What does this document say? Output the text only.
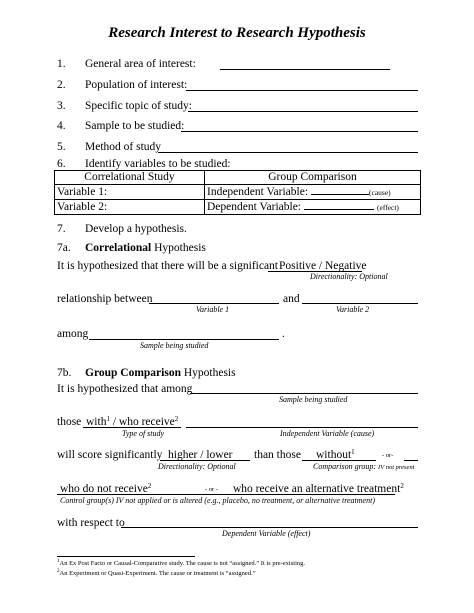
Research Interest to Research Hypothesis
1. General area of interest:
2. Population of interest:
3. Specific topic of study:
4. Sample to be studied:
5. Method of study
6. Identify variables to be studied:
Correlational Study	Group Comparison
Variable 1:	Independent Variable: (cause)
Variable 2:	Dependent Variable: (effect)
7. Develop a hypothesis.
7a. Correlational Hypothesis
It is hypothesized that there will be a significant Positive / Negative
Directionality: Optional
relationship between	and
Variable 1	Variable 2
among	.
Sample being studied
7b. Group Comparison Hypothesis
It is hypothesized that among
Sample being studied
those with$^1$ / who receive$^2$
Type of study	Independent Variable (cause)
will score significantly higher / lower than those without$^1$	- or-
Directionality: Optional	Comparison group: IV not present
who do not receive$^2$	- or - who receive an alternative treatment$^2$
Control group(s) IV not applied or is altered (e.g., placebo, no treatment, or alternative treatment)
with respect to
Dependent Variable (effect)
$^1$An Ex Post Facto or Causal-Comparative study. The cause is not “assigned.” It is pre-existing.
$^2$An Experiment or Quasi-Experiment. The cause or treatment is “assigned.”
